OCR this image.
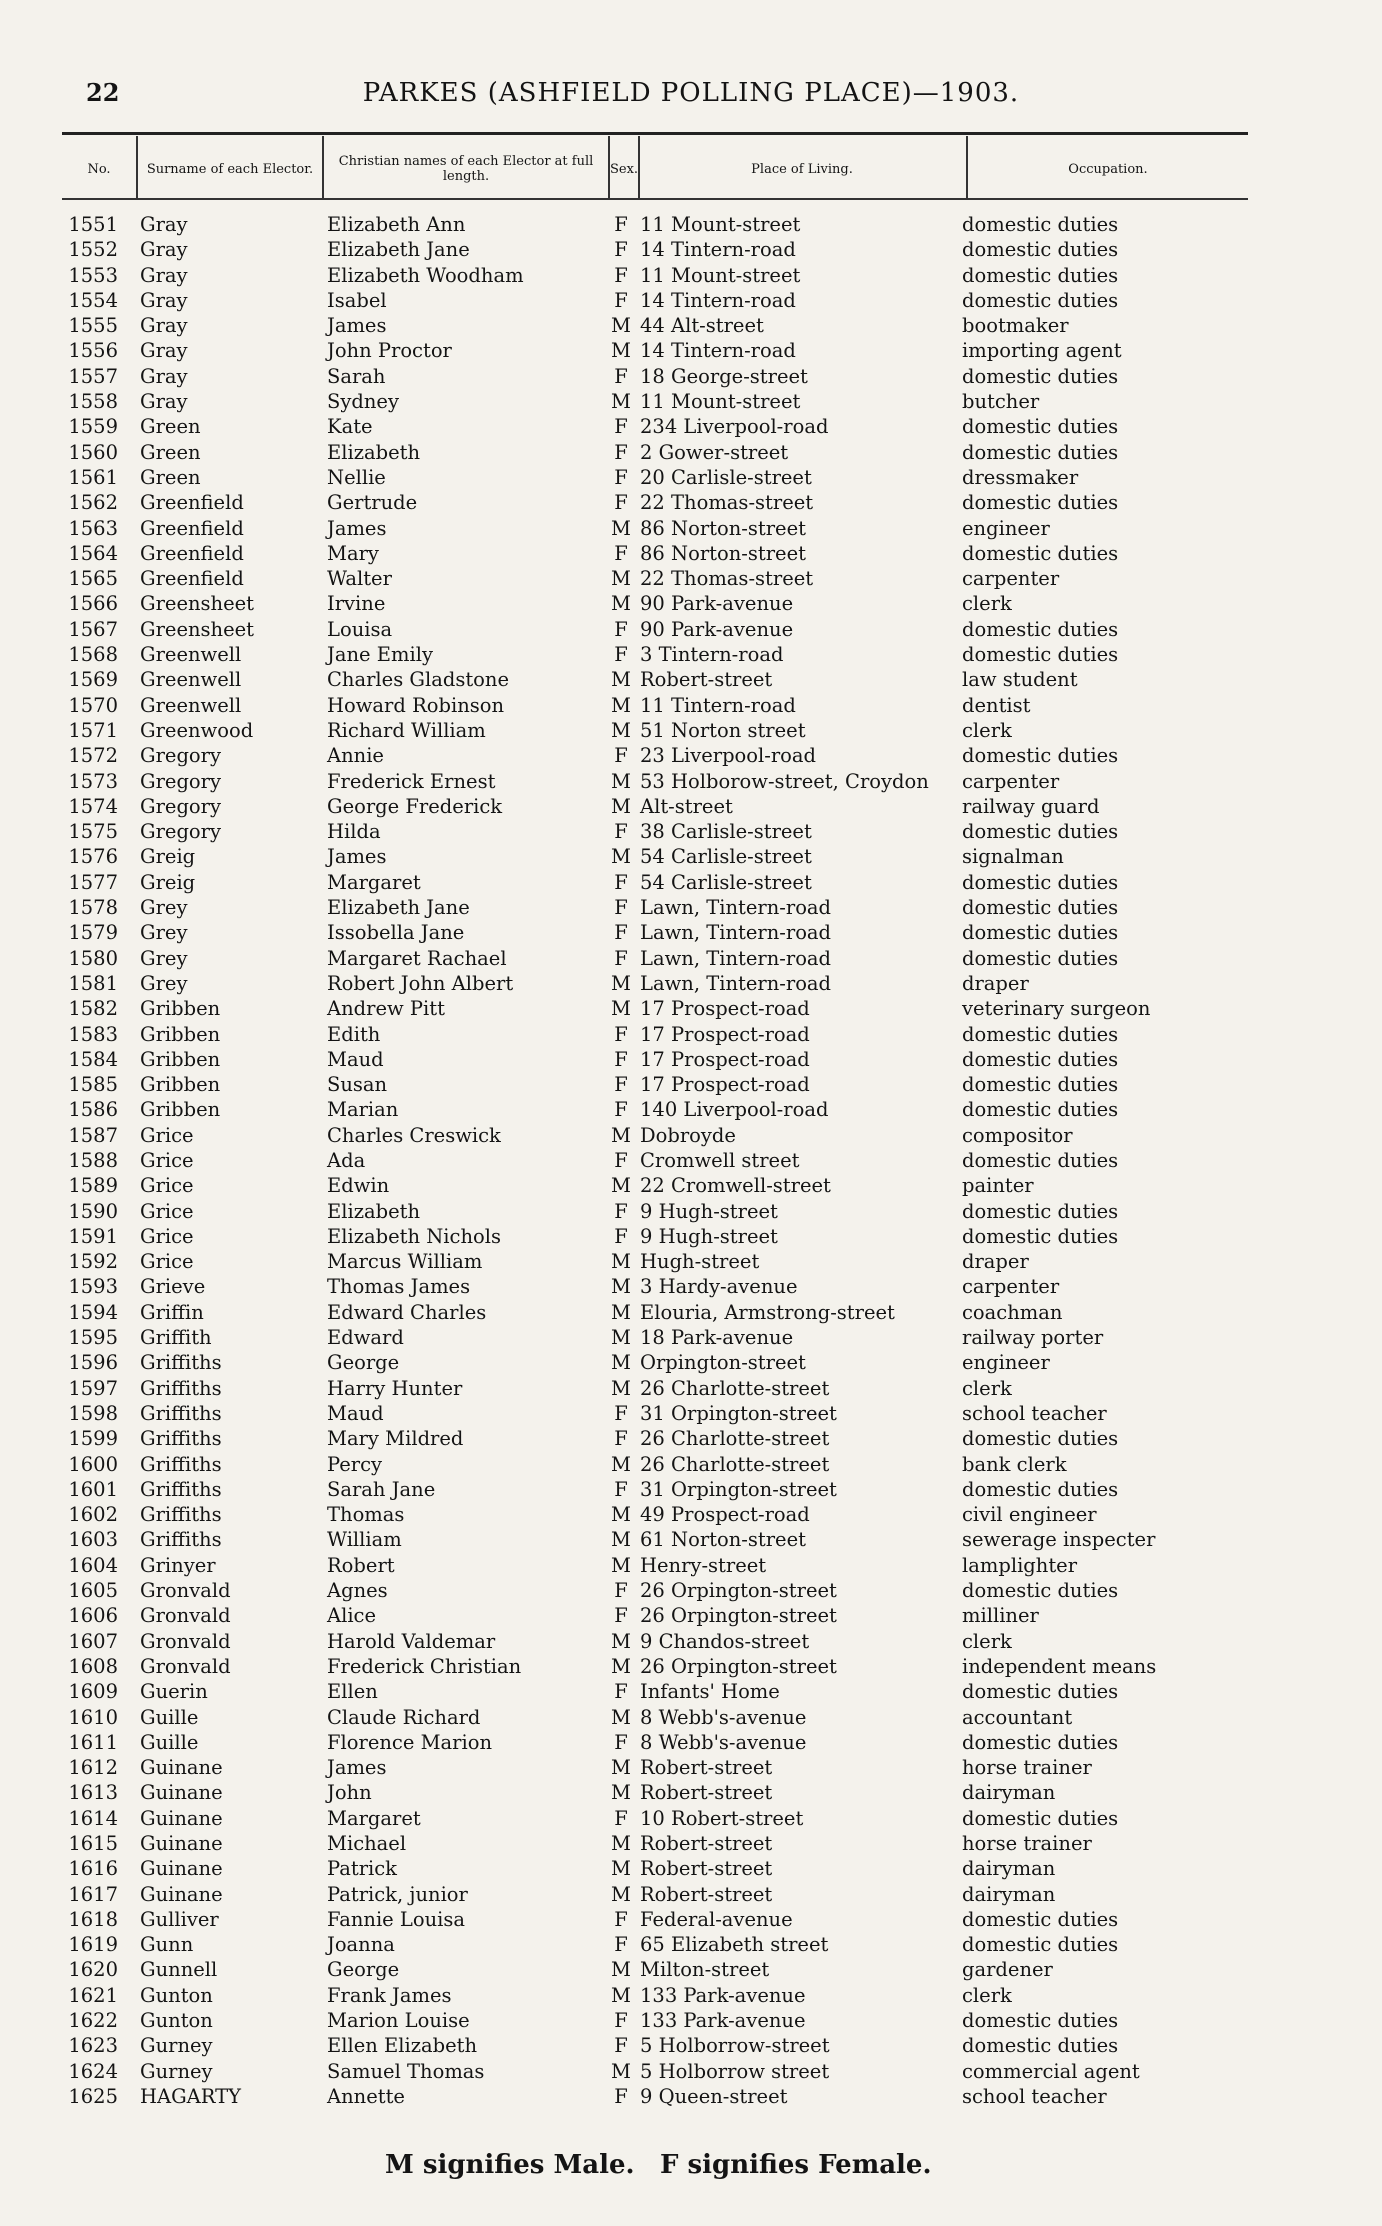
22	PARKES (ASHFIELD POLLING PLACE)—1903.
No.	Surname of each Elector.	Christian names of each Elector at full length.	Sex.	Place of Living.	Occupation.
1551 Gray	Elizabeth Ann	F 11 Mount-street	domestic duties
1552 Gray	Elizabeth Jane	F 14 Tintern-road	domestic duties
1553 Gray	Elizabeth Woodham	F 11 Mount-street	domestic duties
1554 Gray	Isabel	F 14 Tintern-road	domestic duties
1555 Gray	James	M 44 Alt-street	bootmaker
1556 Gray	John Proctor	M 14 Tintern-road	importing agent
1557 Gray	Sarah	F 18 George-street	domestic duties
1558 Gray	Sydney	M 11 Mount-street	butcher
1559 Green	Kate	F 234 Liverpool-road	domestic duties
1560 Green	Elizabeth	F 2 Gower-street	domestic duties
1561 Green	Nellie	F 20 Carlisle-street	dressmaker
1562 Greenfield	Gertrude	F 22 Thomas-street	domestic duties
1563 Greenfield	James	M 86 Norton-street	engineer
1564 Greenfield	Mary	F 86 Norton-street	domestic duties
1565 Greenfield	Walter	M 22 Thomas-street	carpenter
1566 Greensheet	Irvine	M 90 Park-avenue	clerk
1567 Greensheet	Louisa	F 90 Park-avenue	domestic duties
1568 Greenwell	Jane Emily	F 3 Tintern-road	domestic duties
1569 Greenwell	Charles Gladstone	M Robert-street	law student
1570 Greenwell	Howard Robinson	M 11 Tintern-road	dentist
1571 Greenwood	Richard William	M 51 Norton street	clerk
1572 Gregory	Annie	F 23 Liverpool-road	domestic duties
1573 Gregory	Frederick Ernest	M 53 Holborow-street, Croydon carpenter
1574 Gregory	George Frederick	M Alt-street	railway guard
1575 Gregory	Hilda	F 38 Carlisle-street	domestic duties
1576 Greig	James	M 54 Carlisle-street	signalman
1577 Greig	Margaret	F 54 Carlisle-street	domestic duties
1578 Grey	Elizabeth Jane	F Lawn, Tintern-road	domestic duties
1579 Grey	Issobella Jane	F Lawn, Tintern-road	domestic duties
1580 Grey	Margaret Rachael	F Lawn, Tintern-road	domestic duties
1581 Grey	Robert John Albert	M Lawn, Tintern-road	draper
1582 Gribben	Andrew Pitt	M 17 Prospect-road	veterinary surgeon
1583 Gribben	Edith	F 17 Prospect-road	domestic duties
1584 Gribben	Maud	F 17 Prospect-road	domestic duties
1585 Gribben	Susan	F 17 Prospect-road	domestic duties
1586 Gribben	Marian	F 140 Liverpool-road	domestic duties
1587 Grice	Charles Creswick	M Dobroyde	compositor
1588 Grice	Ada	F Cromwell street	domestic duties
1589 Grice	Edwin	M 22 Cromwell-street	painter
1590 Grice	Elizabeth	F 9 Hugh-street	domestic duties
1591 Grice	Elizabeth Nichols	F 9 Hugh-street	domestic duties
1592 Grice	Marcus William	M Hugh-street	draper
1593 Grieve	Thomas James	M 3 Hardy-avenue	carpenter
1594 Griffin	Edward Charles	M Elouria, Armstrong-street	coachman
1595 Griffith	Edward	M 18 Park-avenue	railway porter
1596 Griffiths	George	M Orpington-street	engineer
1597 Griffiths	Harry Hunter	M 26 Charlotte-street	clerk
1598 Griffiths	Maud	F 31 Orpington-street	school teacher
1599 Griffiths	Mary Mildred	F 26 Charlotte-street	domestic duties
1600 Griffiths	Percy	M 26 Charlotte-street	bank clerk
1601 Griffiths	Sarah Jane	F 31 Orpington-street	domestic duties
1602 Griffiths	Thomas	M 49 Prospect-road	civil engineer
1603 Griffiths	William	M 61 Norton-street	sewerage inspecter
1604 Grinyer	Robert	M Henry-street	lamplighter
1605 Gronvald	Agnes	F 26 Orpington-street	domestic duties
1606 Gronvald	Alice	F 26 Orpington-street	milliner
1607 Gronvald	Harold Valdemar	M 9 Chandos-street	clerk
1608 Gronvald	Frederick Christian	M 26 Orpington-street	independent means
1609 Guerin	Ellen	F Infants' Home	domestic duties
1610 Guille	Claude Richard	M 8 Webb's-avenue	accountant
1611 Guille	Florence Marion	F 8 Webb's-avenue	domestic duties
1612 Guinane	James	M Robert-street	horse trainer
1613 Guinane	John	M Robert-street	dairyman
1614 Guinane	Margaret	F 10 Robert-street	domestic duties
1615 Guinane	Michael	M Robert-street	horse trainer
1616 Guinane	Patrick	M Robert-street	dairyman
1617 Guinane	Patrick, junior	M Robert-street	dairyman
1618 Gulliver	Fannie Louisa	F Federal-avenue	domestic duties
1619 Gunn	Joanna	F 65 Elizabeth street	domestic duties
1620 Gunnell	George	M Milton-street	gardener
1621 Gunton	Frank James	M 133 Park-avenue	clerk
1622 Gunton	Marion Louise	F 133 Park-avenue	domestic duties
1623 Gurney	Ellen Elizabeth	F 5 Holborrow-street	domestic duties
1624 Gurney	Samuel Thomas	M 5 Holborrow street	commercial agent
1625 HAGARTY	Annette	F 9 Queen-street	school teacher
M signifies Male. F signifies Female.
